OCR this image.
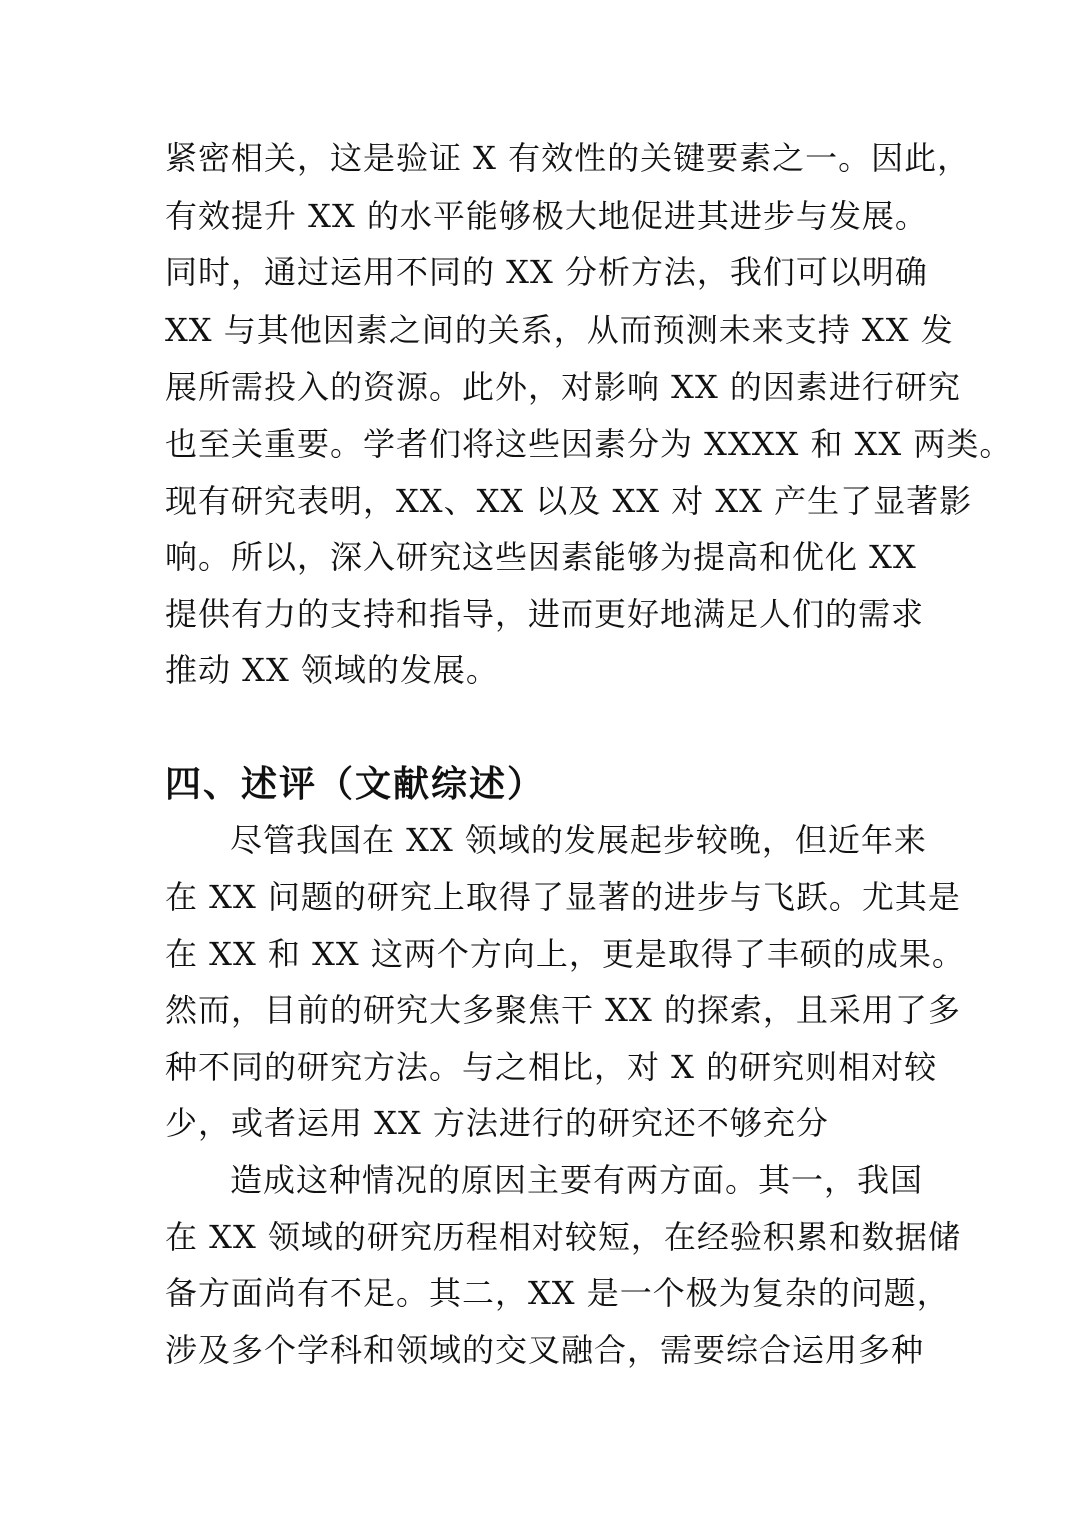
紧密相关，这是验证 X 有效性的关键要素之一。因此，
有效提升 XX 的水平能够极大地促进其进步与发展。
同时，通过运用不同的 XX 分析方法，我们可以明确
XX 与其他因素之间的关系，从而预测未来支持 XX 发
展所需投入的资源。此外，对影响 XX 的因素进行研究
也至关重要。学者们将这些因素分为 XXXX 和 XX 两类。
现有研究表明，XX、XX 以及 XX 对 XX 产生了显著影
响。所以，深入研究这些因素能够为提高和优化 XX
提供有力的支持和指导，进而更好地满足人们的需求
推动 XX 领域的发展。
四、述评（文献综述）
尽管我国在 XX 领域的发展起步较晚，但近年来
在 XX 问题的研究上取得了显著的进步与飞跃。尤其是
在 XX 和 XX 这两个方向上，更是取得了丰硕的成果。
然而，目前的研究大多聚焦干 XX 的探索，且采用了多
种不同的研究方法。与之相比，对 X 的研究则相对较
少，或者运用 XX 方法进行的研究还不够充分
造成这种情况的原因主要有两方面。其一，我国
在 XX 领域的研究历程相对较短，在经验积累和数据储
备方面尚有不足。其二，XX 是一个极为复杂的问题，
涉及多个学科和领域的交叉融合，需要综合运用多种
